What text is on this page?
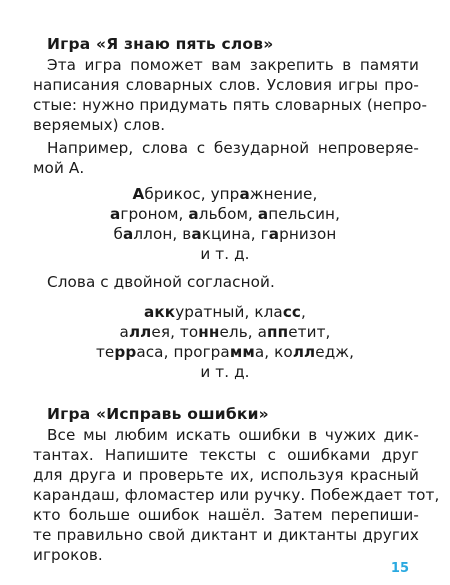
Игра «Я знаю пять слов»
Эта игра поможет вам закрепить в памяти
написания словарных слов. Условия игры про-
стые: нужно придумать пять словарных (непро-
веряемых) слов.
Например, слова с безударной непроверяе-
мой А.
Абрикос, упражнение,
агроном, альбом, апельсин,
баллон, вакцина, гарнизон
и т. д.
Слова с двойной согласной.
аккуратный, класс,
аллея, тоннель, аппетит,
терраса, программа, колледж,
и т. д.
Игра «Исправь ошибки»
Все мы любим искать ошибки в чужих дик-
тантах. Напишите тексты с ошибками друг
для друга и проверьте их, используя красный
карандаш, фломастер или ручку. Побеждает тот,
кто больше ошибок нашёл. Затем перепиши-
те правильно свой диктант и диктанты других
игроков.
15
